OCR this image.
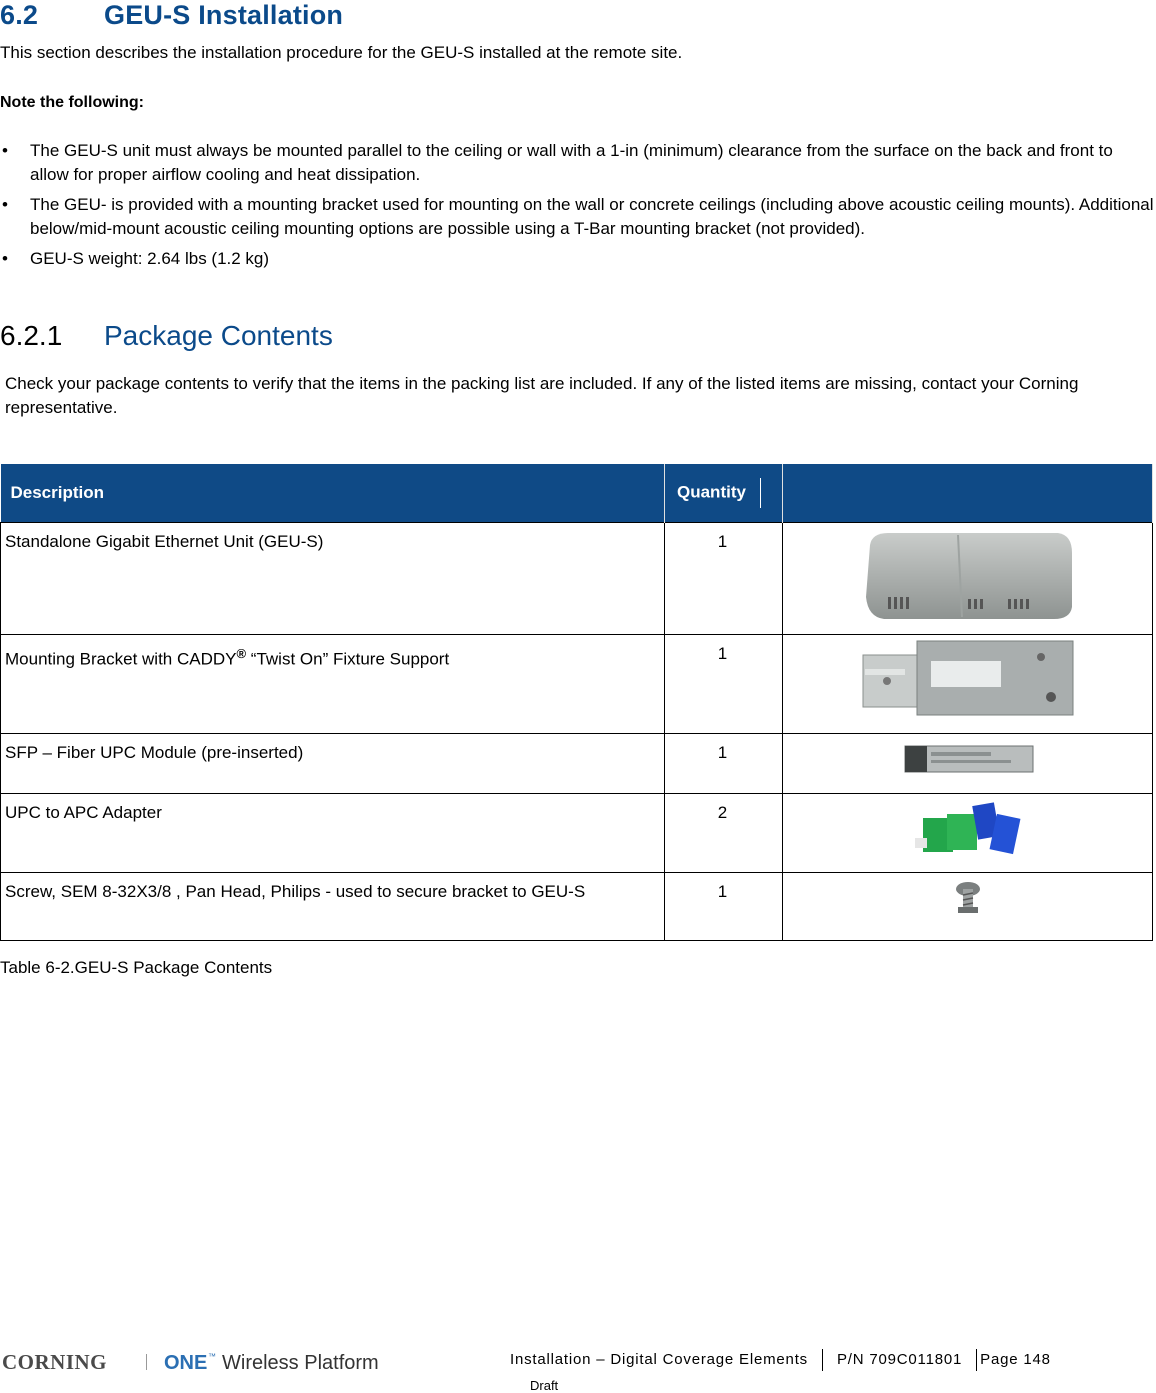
6.2 GEU-S Installation
This section describes the installation procedure for the GEU-S installed at the remote site.
Note the following:
• The GEU-S unit must always be mounted parallel to the ceiling or wall with a 1-in (minimum) clearance from the surface on the back and front to allow for proper airflow cooling and heat dissipation.
• The GEU- is provided with a mounting bracket used for mounting on the wall or concrete ceilings (including above acoustic ceiling mounts). Additional below/mid-mount acoustic ceiling mounting options are possible using a T-Bar mounting bracket (not provided).
• GEU-S weight: 2.64 lbs (1.2 kg)
6.2.1 Package Contents
Check your package contents to verify that the items in the packing list are included. If any of the listed items are missing, contact your Corning representative.
Description	Quantity	
Standalone Gigabit Ethernet Unit (GEU-S)	1	
Mounting Bracket with CADDY® “Twist On” Fixture Support	1	
SFP – Fiber UPC Module (pre-inserted)	1	
UPC to APC Adapter	2	
Screw, SEM 8-32X3/8 , Pan Head, Philips - used to secure bracket to GEU-S	1	
Table 6-2.GEU-S Package Contents
CORNING	ONE ™ Wireless Platform	Installation – Digital Coverage Elements P/N 709C011801 Page 148
Draft
